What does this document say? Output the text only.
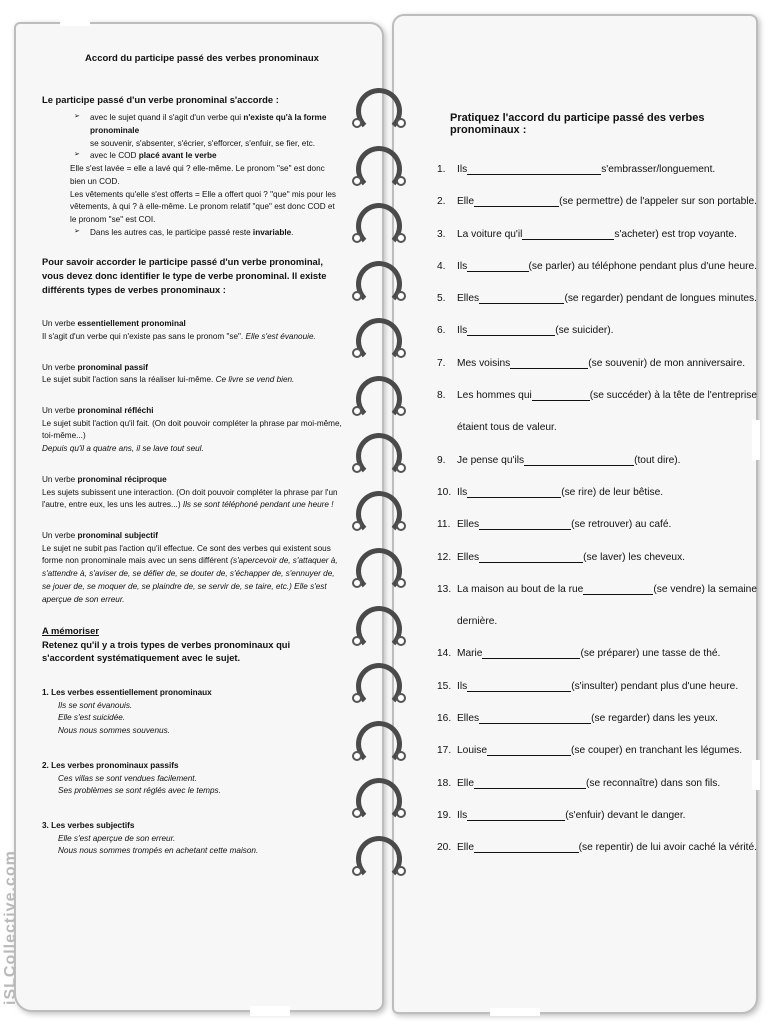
Accord du participe passé des verbes pronominaux
Le participe passé d'un verbe pronominal s'accorde :
➢ avec le sujet quand il s'agit d'un verbe qui n'existe qu'à la forme pronominale
se souvenir, s'absenter, s'écrier, s'efforcer, s'enfuir, se fier, etc.
➢ avec le COD placé avant le verbe
Elle s'est lavée = elle a lavé qui ? elle-même. Le pronom "se" est donc bien un COD.
Les vêtements qu'elle s'est offerts = Elle a offert quoi ? "que" mis pour les vêtements, à qui ? à elle-même. Le pronom relatif "que" est donc COD et le pronom "se" est COI.
➢ Dans les autres cas, le participe passé reste invariable.
Pour savoir accorder le participe passé d'un verbe pronominal, vous devez donc identifier le type de verbe pronominal. Il existe différents types de verbes pronominaux :
Un verbe essentiellement pronominal
Il s'agit d'un verbe qui n'existe pas sans le pronom "se". Elle s'est évanouie.
Un verbe pronominal passif
Le sujet subit l'action sans la réaliser lui-même. Ce livre se vend bien.
Un verbe pronominal réfléchi
Le sujet subit l'action qu'il fait. (On doit pouvoir compléter la phrase par moi-même, toi-même...)
Depuis qu'il a quatre ans, il se lave tout seul.
Un verbe pronominal réciproque
Les sujets subissent une interaction. (On doit pouvoir compléter la phrase par l'un l'autre, entre eux, les uns les autres...) Ils se sont téléphoné pendant une heure !
Un verbe pronominal subjectif
Le sujet ne subit pas l'action qu'il effectue. Ce sont des verbes qui existent sous forme non pronominale mais avec un sens différent (s'apercevoir de, s'attaquer à, s'attendre à, s'aviser de, se défier de, se douter de, s'échapper de, s'ennuyer de, se jouer de, se moquer de, se plaindre de, se servir de, se taire, etc.) Elle s'est aperçue de son erreur.
A mémoriser
Retenez qu'il y a trois types de verbes pronominaux qui s'accordent systématiquement avec le sujet.
1. Les verbes essentiellement pronominaux
Ils se sont évanouis.
Elle s'est suicidée.
Nous nous sommes souvenus.
2. Les verbes pronominaux passifs
Ces villas se sont vendues facilement.
Ses problèmes se sont réglés avec le temps.
3. Les verbes subjectifs
Elle s'est aperçue de son erreur.
Nous nous sommes trompés en achetant cette maison.
Pratiquez l'accord du participe passé des verbes pronominaux :
1.	Ils	s'embrasser/longuement.
2.	Elle	(se permettre) de l'appeler sur son portable.
3.	La voiture qu'il	s'acheter) est trop voyante.
4.	Ils	(se parler) au téléphone pendant plus d'une heure.
5.	Elles	(se regarder) pendant de longues minutes.
6.	Ils	(se suicider).
7.	Mes voisins	(se souvenir) de mon anniversaire.
8.	Les hommes qui	(se succéder) à la tête de l'entreprise
étaient tous de valeur.
9.	Je pense qu'ils	(tout dire).
10. Ils	(se rire) de leur bêtise.
11. Elles	(se retrouver) au café.
12. Elles	(se laver) les cheveux.
13. La maison au bout de la rue	(se vendre) la semaine
dernière.
14. Marie	(se préparer) une tasse de thé.
15. Ils	(s'insulter) pendant plus d'une heure.
16. Elles	(se regarder) dans les yeux.
17. Louise	(se couper) en tranchant les légumes.
18. Elle	(se reconnaître) dans son fils.
19. Ils	(s'enfuir) devant le danger.
20. Elle	(se repentir) de lui avoir caché la vérité.
iSLCollective.com
